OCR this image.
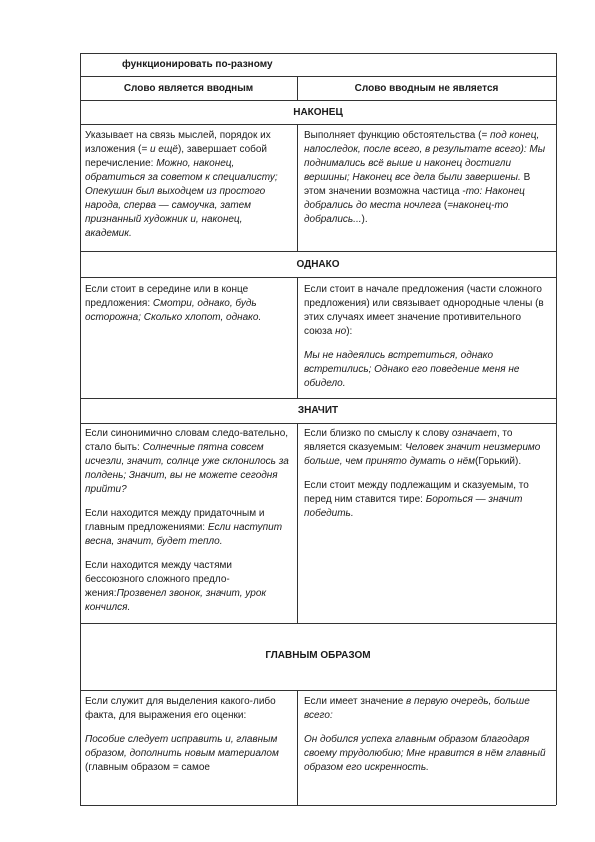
функционировать по-разному
Слово является вводным	Слово вводным не является
НАКОНЕЦ
ОДНАКО
ЗНАЧИТ
ГЛАВНЫМ ОБРАЗОМ

Указывает на связь мыслей, порядок их изложения (= и ещё), завершает собой перечисление: Можно, наконец, обратиться за советом к специалисту; Опекушин был выходцем из простого народа, сперва — самоучка, затем признанный художник и, наконец, академик.

Выполняет функцию обстоятельства (= под конец, напоследок, после всего, в результате всего): Мы поднимались всё выше и наконец достигли вершины; Наконец все дела были завершены. В этом значении возможна частица -то: Наконец добрались до места ночлега (=наконец-то добрались...).

Если стоит в середине или в конце предложения: Смотри, однако, будь осторожна; Сколько хлопот, однако.

Если стоит в начале предложения (части сложного предложения) или связывает однородные члены (в этих случаях имеет значение противительного союза но):

Мы не надеялись встретиться, однако встретились; Однако его поведение меня не обидело.

Если синонимично словам следо-вательно, стало быть: Солнечные пятна совсем исчезли, значит, солнце уже склонилось за полдень; Значит, вы не можете сегодня прийти?

Если находится между придаточным и главным предложениями: Если наступит весна, значит, будет тепло.

Если находится между частями бессоюзного сложного предло-жения:Прозвенел звонок, значит, урок кончился.

Если близко по смыслу к слову означает, то является сказуемым: Человек значит неизмеримо больше, чем принято думать о нём(Горький).

Если стоит между подлежащим и сказуемым, то перед ним ставится тире: Бороться — значит победить.

Если служит для выделения какого-либо факта, для выражения его оценки:

Пособие следует исправить и, главным образом, дополнить новым материалом (главным образом = самое

Если имеет значение в первую очередь, больше всего:

Он добился успеха главным образом благодаря своему трудолюбию; Мне нравится в нём главный образом его искренность.
